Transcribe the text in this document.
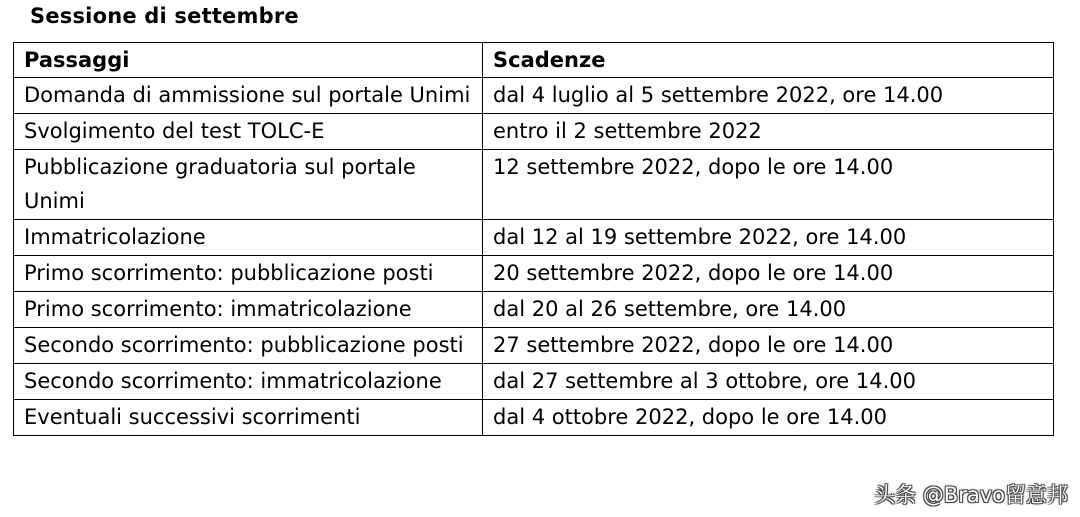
Sessione di settembre
Passaggi	Scadenze
Domanda di ammissione sul portale Unimi	dal 4 luglio al 5 settembre 2022, ore 14.00
Svolgimento del test TOLC-E	entro il 2 settembre 2022
Pubblicazione graduatoria sul portale Unimi	12 settembre 2022, dopo le ore 14.00
Immatricolazione	dal 12 al 19 settembre 2022, ore 14.00
Primo scorrimento: pubblicazione posti	20 settembre 2022, dopo le ore 14.00
Primo scorrimento: immatricolazione	dal 20 al 26 settembre, ore 14.00
Secondo scorrimento: pubblicazione posti	27 settembre 2022, dopo le ore 14.00
Secondo scorrimento: immatricolazione	dal 27 settembre al 3 ottobre, ore 14.00
Eventuali successivi scorrimenti	dal 4 ottobre 2022, dopo le ore 14.00
头条 @Bravo留意邦
